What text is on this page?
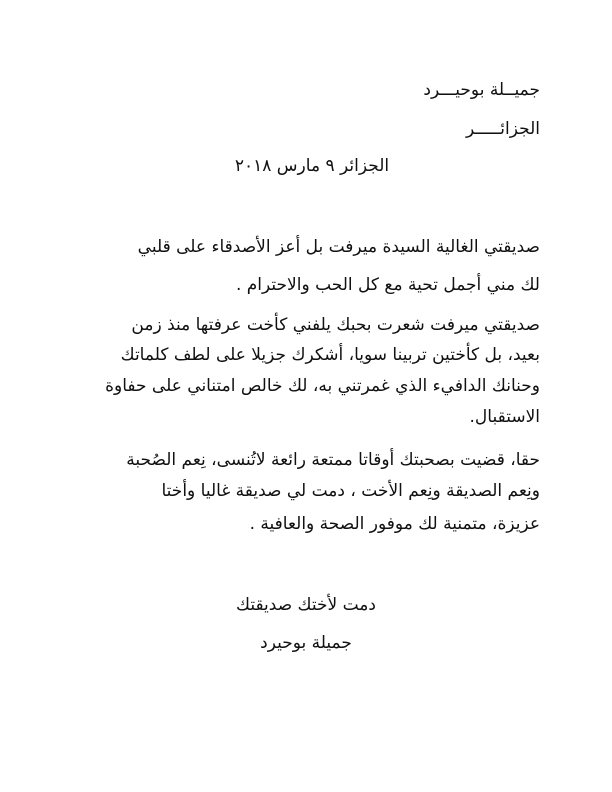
جميــلة بوحيـــرد
الجزائـــــر
الجزائر ٩ مارس ٢٠١٨
صديقتي الغالية السيدة ميرفت بل أعز الأصدقاء على قلبي
لك مني أجمل تحية مع كل الحب والاحترام .
صديقتي ميرفت شعرت بحبك يلفني كأخت عرفتها منذ زمن
بعيد، بل كأختين تربينا سويا، أشكرك جزيلا على لطف كلماتك
وحنانك الدافيء الذي غمرتني به، لك خالص امتناني على حفاوة
الاستقبال.
حقا، قضيت بصحبتك أوقاتا ممتعة رائعة لاتُنسى، نِعم الصُحبة
ونِعم الصديقة ونِعم الأخت ، دمت لي صديقة غاليا وأختا
عزيزة، متمنية لك موفور الصحة والعافية .
دمت لأختك صديقتك
جميلة بوحيرد
